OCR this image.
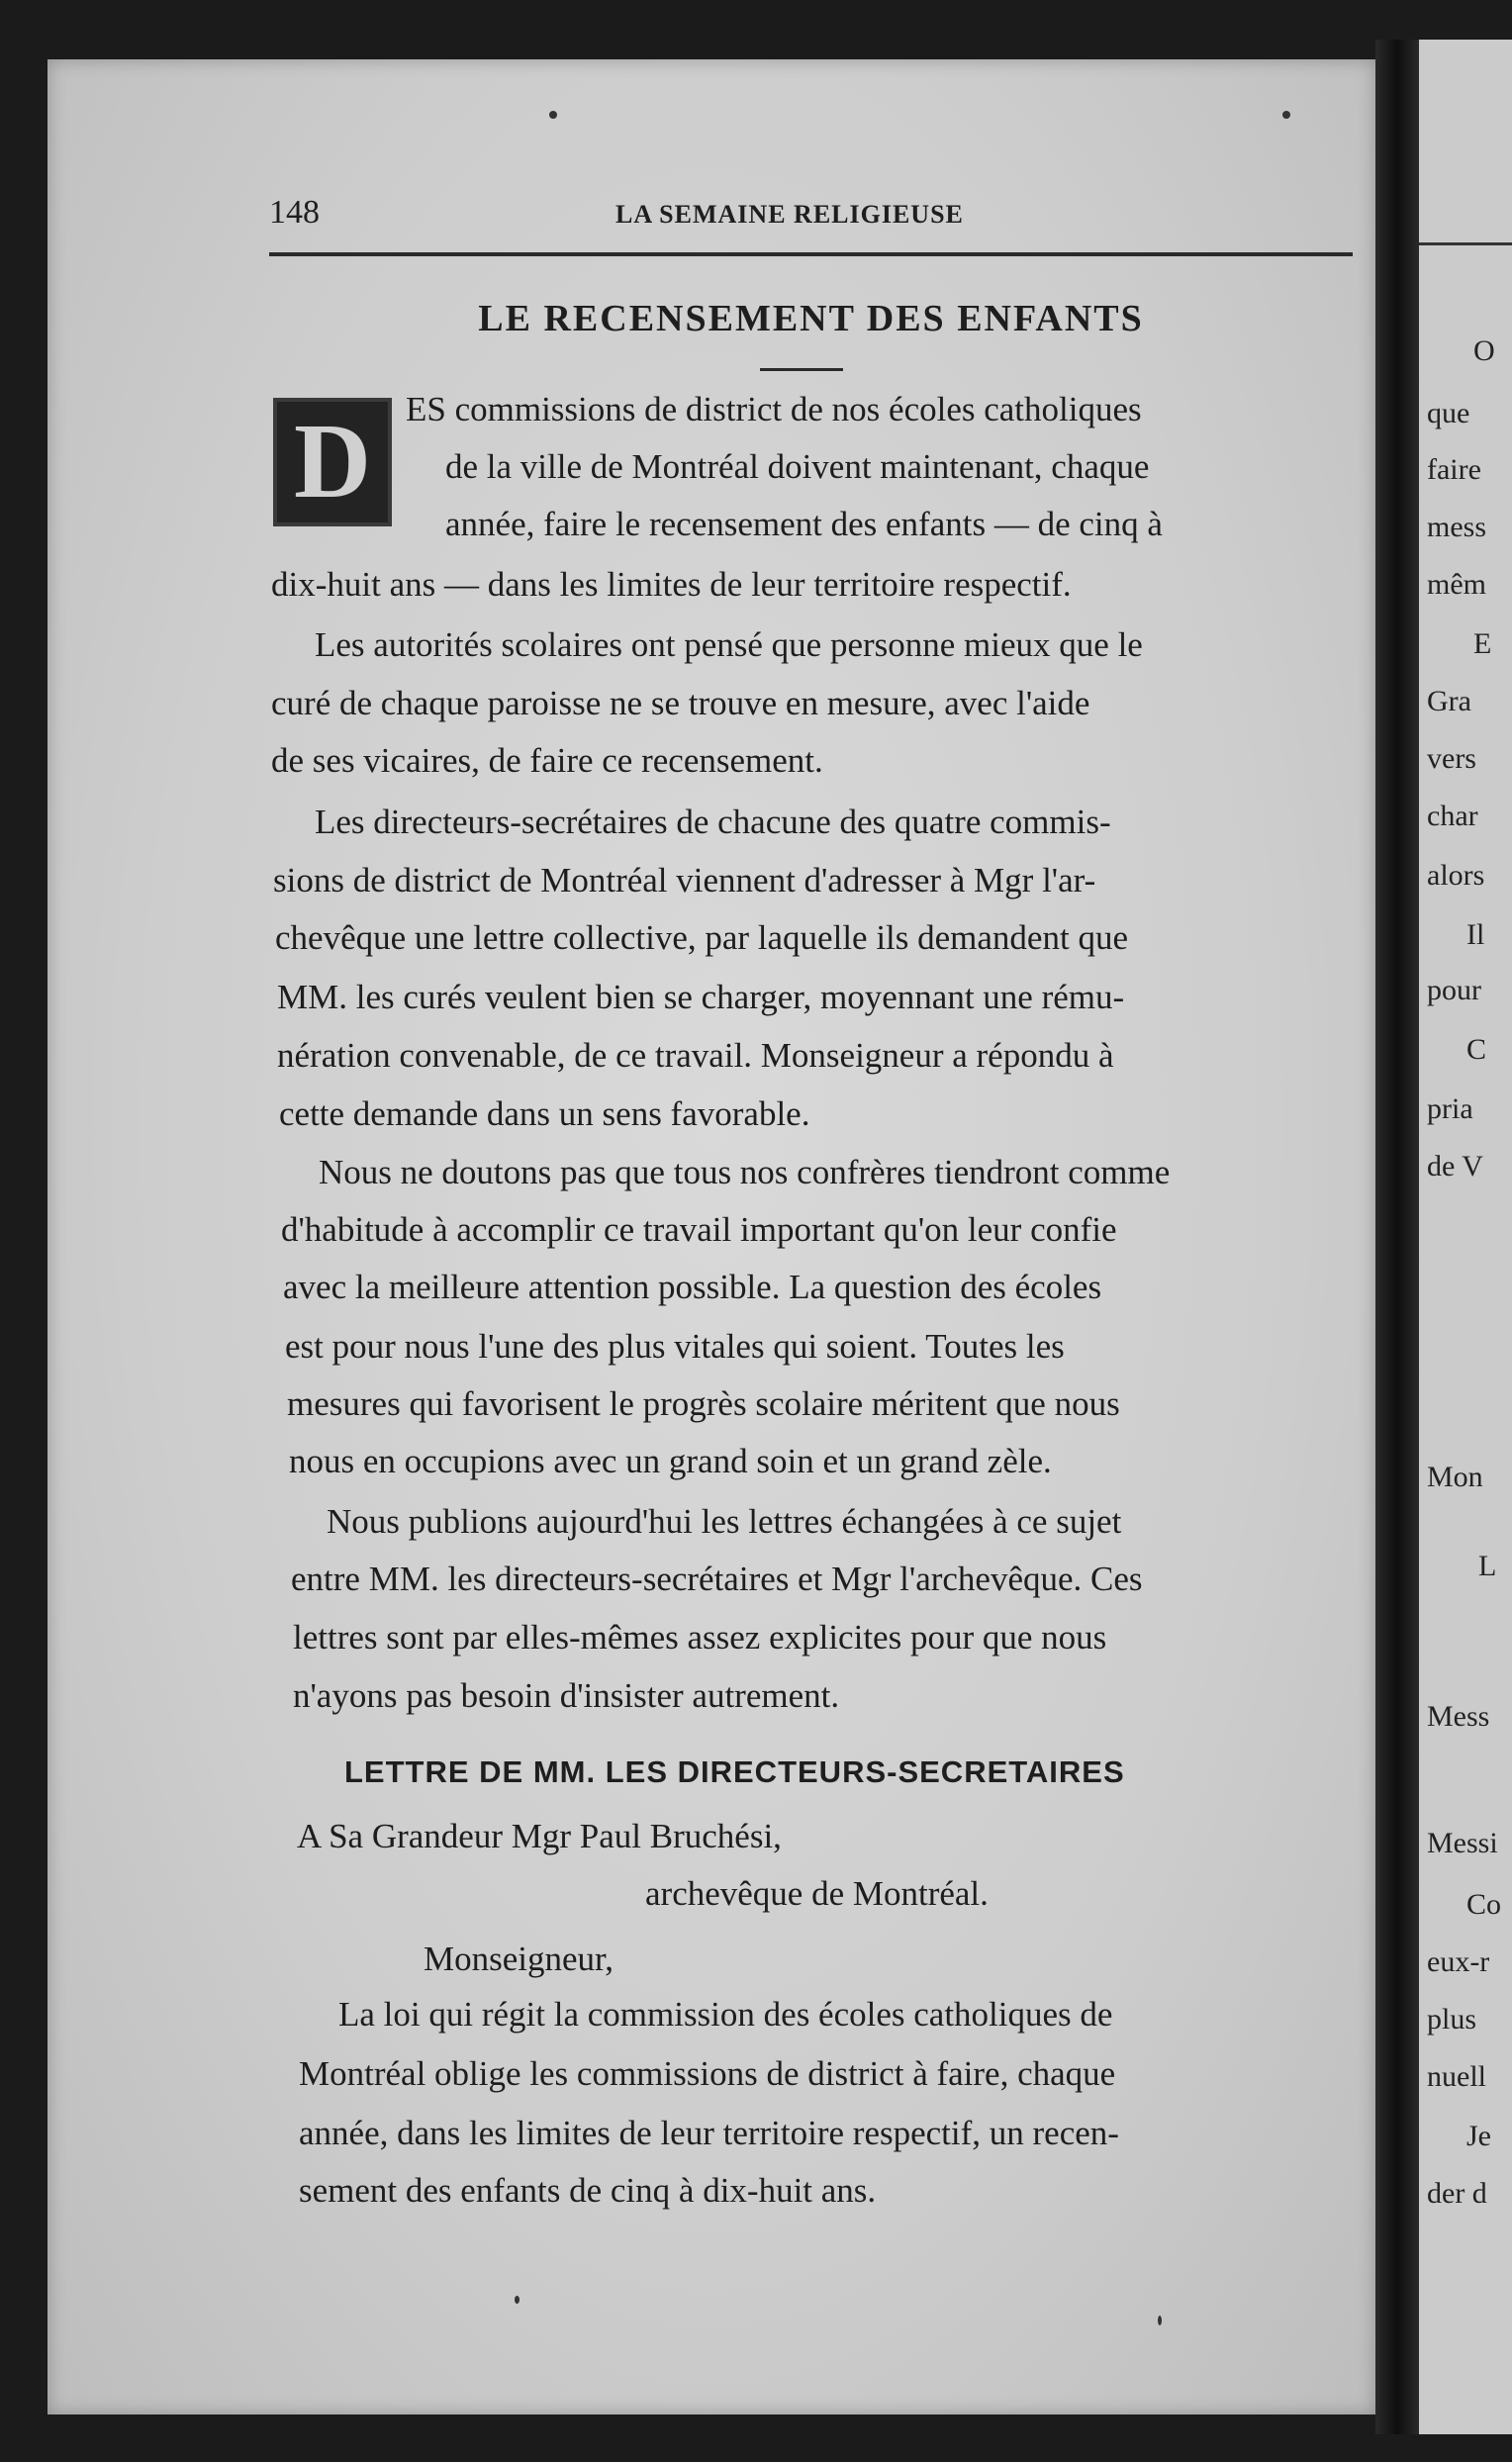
O
que
faire
mess
mêm
E
Gra
vers
char
alors
Il
pour
C
pria
de V
Mon
L
Mess
Messi
Co
eux-r
plus
nuell
Je
der d
148	LA SEMAINE RELIGIEUSE
LE RECENSEMENT DES ENFANTS
D	ES commissions de district de nos écoles catholiques
de la ville de Montréal doivent maintenant, chaque
année, faire le recensement des enfants — de cinq à
dix-huit ans — dans les limites de leur territoire respectif.
Les autorités scolaires ont pensé que personne mieux que le
curé de chaque paroisse ne se trouve en mesure, avec l'aide
de ses vicaires, de faire ce recensement.
Les directeurs-secrétaires de chacune des quatre commis-
sions de district de Montréal viennent d'adresser à Mgr l'ar-
chevêque une lettre collective, par laquelle ils demandent que
MM. les curés veulent bien se charger, moyennant une rému-
nération convenable, de ce travail. Monseigneur a répondu à
cette demande dans un sens favorable.
Nous ne doutons pas que tous nos confrères tiendront comme
d'habitude à accomplir ce travail important qu'on leur confie
avec la meilleure attention possible. La question des écoles
est pour nous l'une des plus vitales qui soient. Toutes les
mesures qui favorisent le progrès scolaire méritent que nous
nous en occupions avec un grand soin et un grand zèle.
Nous publions aujourd'hui les lettres échangées à ce sujet
entre MM. les directeurs-secrétaires et Mgr l'archevêque. Ces
lettres sont par elles-mêmes assez explicites pour que nous
n'ayons pas besoin d'insister autrement.
LETTRE DE MM. LES DIRECTEURS-SECRETAIRES
A Sa Grandeur Mgr Paul Bruchési,
archevêque de Montréal.
Monseigneur,
La loi qui régit la commission des écoles catholiques de
Montréal oblige les commissions de district à faire, chaque
année, dans les limites de leur territoire respectif, un recen-
sement des enfants de cinq à dix-huit ans.
